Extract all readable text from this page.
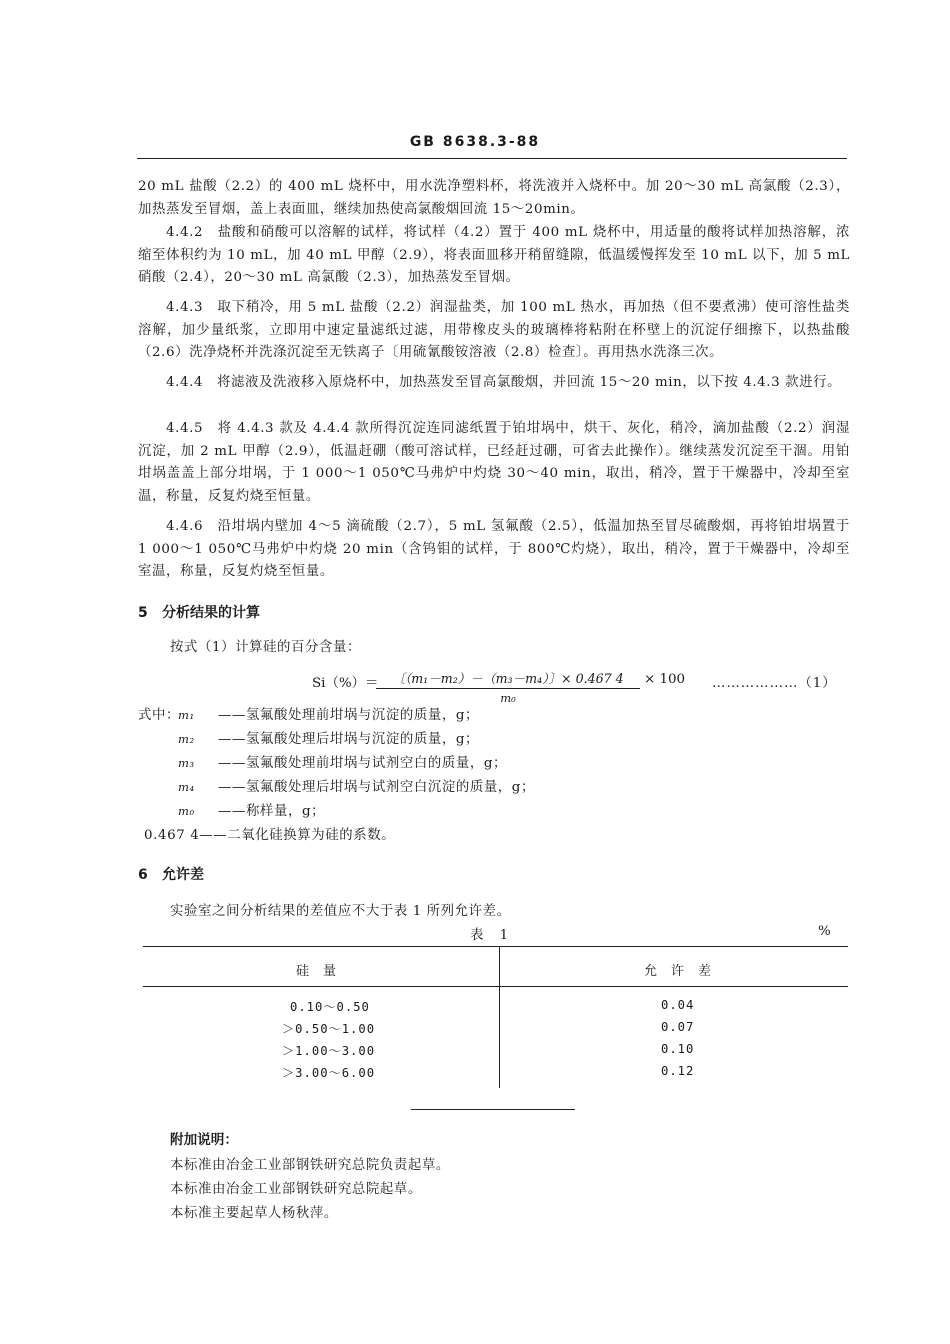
GB 8638.3-88
20 mL 盐酸（2.2）的 400 mL 烧杯中，用水洗净塑料杯，将洗液并入烧杯中。加 20～30 mL 高氯酸（2.3），加热蒸发至冒烟，盖上表面皿，继续加热使高氯酸烟回流 15～20min。
4.4.2　盐酸和硝酸可以溶解的试样，将试样（4.2）置于 400 mL 烧杯中，用适量的酸将试样加热溶解，浓缩至体积约为 10 mL，加 40 mL 甲醇（2.9），将表面皿移开稍留缝隙，低温缓慢挥发至 10 mL 以下，加 5 mL 硝酸（2.4），20～30 mL 高氯酸（2.3），加热蒸发至冒烟。
4.4.3　取下稍冷，用 5 mL 盐酸（2.2）润湿盐类，加 100 mL 热水，再加热（但不要煮沸）使可溶性盐类溶解，加少量纸浆，立即用中速定量滤纸过滤，用带橡皮头的玻璃棒将粘附在杯壁上的沉淀仔细擦下，以热盐酸（2.6）洗净烧杯并洗涤沉淀至无铁离子〔用硫氰酸铵溶液（2.8）检查〕。再用热水洗涤三次。
4.4.4　将滤液及洗液移入原烧杯中，加热蒸发至冒高氯酸烟，并回流 15～20 min，以下按 4.4.3 款进行。
4.4.5　将 4.4.3 款及 4.4.4 款所得沉淀连同滤纸置于铂坩埚中，烘干、灰化，稍冷，滴加盐酸（2.2）润湿沉淀，加 2 mL 甲醇（2.9），低温赶硼（酸可溶试样，已经赶过硼，可省去此操作）。继续蒸发沉淀至干涸。用铂坩埚盖盖上部分坩埚，于 1 000～1 050℃马弗炉中灼烧 30～40 min，取出，稍冷，置于干燥器中，冷却至室温，称量，反复灼烧至恒量。
4.4.6　沿坩埚内壁加 4～5 滴硫酸（2.7），5 mL 氢氟酸（2.5），低温加热至冒尽硫酸烟，再将铂坩埚置于 1 000～1 050℃马弗炉中灼烧 20 min（含钨钼的试样，于 800℃灼烧），取出，稍冷，置于干燥器中，冷却至室温，称量，反复灼烧至恒量。
5 分析结果的计算
按式（1）计算硅的百分含量：
Si（%）＝	〔（m₁－m₂）－（m₃－m₄）〕× 0.467 4
m₀
× 100 ………………（1）
式中：
m₁ ——氢氟酸处理前坩埚与沉淀的质量，g；
m₂ ——氢氟酸处理后坩埚与沉淀的质量，g；
m₃ ——氢氟酸处理前坩埚与试剂空白的质量，g；
m₄ ——氢氟酸处理后坩埚与试剂空白沉淀的质量，g；
m₀ ——称样量，g；
0.467 4——二氧化硅换算为硅的系数。
6 允许差
实验室之间分析结果的差值应不大于表 1 所列允许差。
表 1	%
硅量	允许差
0.10～0.50	0.04
＞0.50～1.00	0.07
＞1.00～3.00	0.10
＞3.00～6.00	0.12
附加说明：
本标准由冶金工业部钢铁研究总院负责起草。
本标准由冶金工业部钢铁研究总院起草。
本标准主要起草人杨秋萍。
